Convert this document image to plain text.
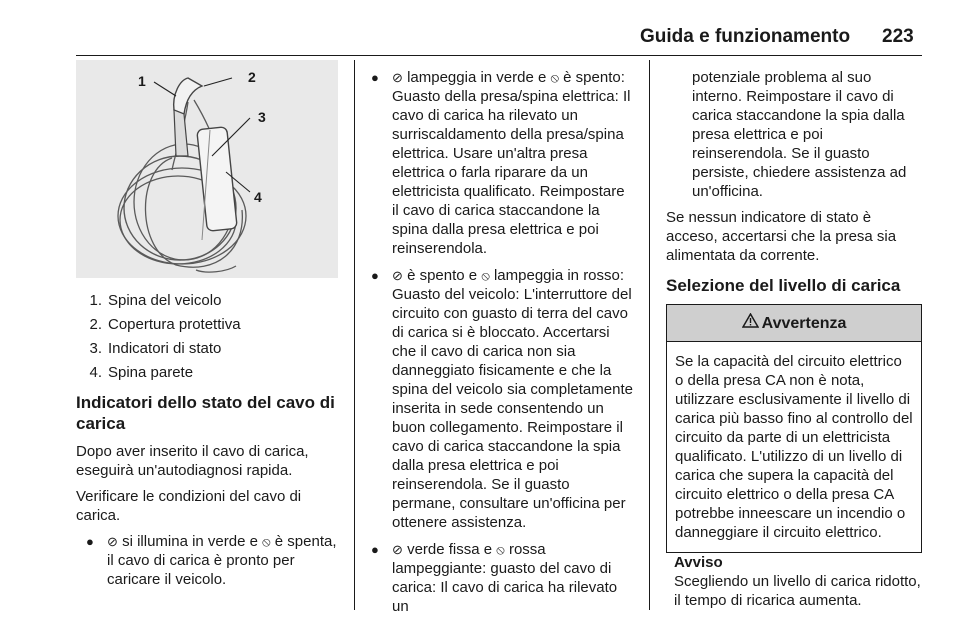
Guida e funzionamento 223
1	2
3
4
1. Spina del veicolo
2. Copertura protettiva
3. Indicatori di stato
4. Spina parete

Indicatori dello stato del cavo di carica

Dopo aver inserito il cavo di carica, eseguirà un'autodiagnosi rapida.

Verificare le condizioni del cavo di carica.

●	⊘ si illumina in verde e ⦸ è spenta, il cavo di carica è pronto per caricare il veicolo.
●	⊘ lampeggia in verde e ⦸ è spento: Guasto della presa/spina elettrica: Il cavo di carica ha rilevato un surriscaldamento della presa/spina elettrica. Usare un'altra presa elettrica o farla riparare da un elettricista qualificato. Reimpostare il cavo di carica staccandone la spina dalla presa elettrica e poi reinserendola.
●	⊘ è spento e ⦸ lampeggia in rosso: Guasto del veicolo: L'interruttore del circuito con guasto di terra del cavo di carica si è bloccato. Accertarsi che il cavo di carica non sia danneggiato fisicamente e che la spina del veicolo sia completamente inserita in sede consentendo un buon collegamento. Reimpostare il cavo di carica staccandone la spia dalla presa elettrica e poi reinserendola. Se il guasto permane, consultare un'officina per ottenere assistenza.
●	⊘ verde fissa e ⦸ rossa lampeggiante: guasto del cavo di carica: Il cavo di carica ha rilevato un

potenziale problema al suo interno. Reimpostare il cavo di carica staccandone la spia dalla presa elettrica e poi reinserendola. Se il guasto persiste, chiedere assistenza ad un'officina.

Se nessun indicatore di stato è acceso, accertarsi che la presa sia alimentata da corrente.

Selezione del livello di carica

Avvertenza
Se la capacità del circuito elettrico o della presa CA non è nota, utilizzare esclusivamente il livello di carica più basso fino al controllo del circuito da parte di un elettricista qualificato. L'utilizzo di un livello di carica che supera la capacità del circuito elettrico o della presa CA potrebbe inneescare un incendio o danneggiare il circuito elettrico.

Avviso

Scegliendo un livello di carica ridotto, il tempo di ricarica aumenta.
